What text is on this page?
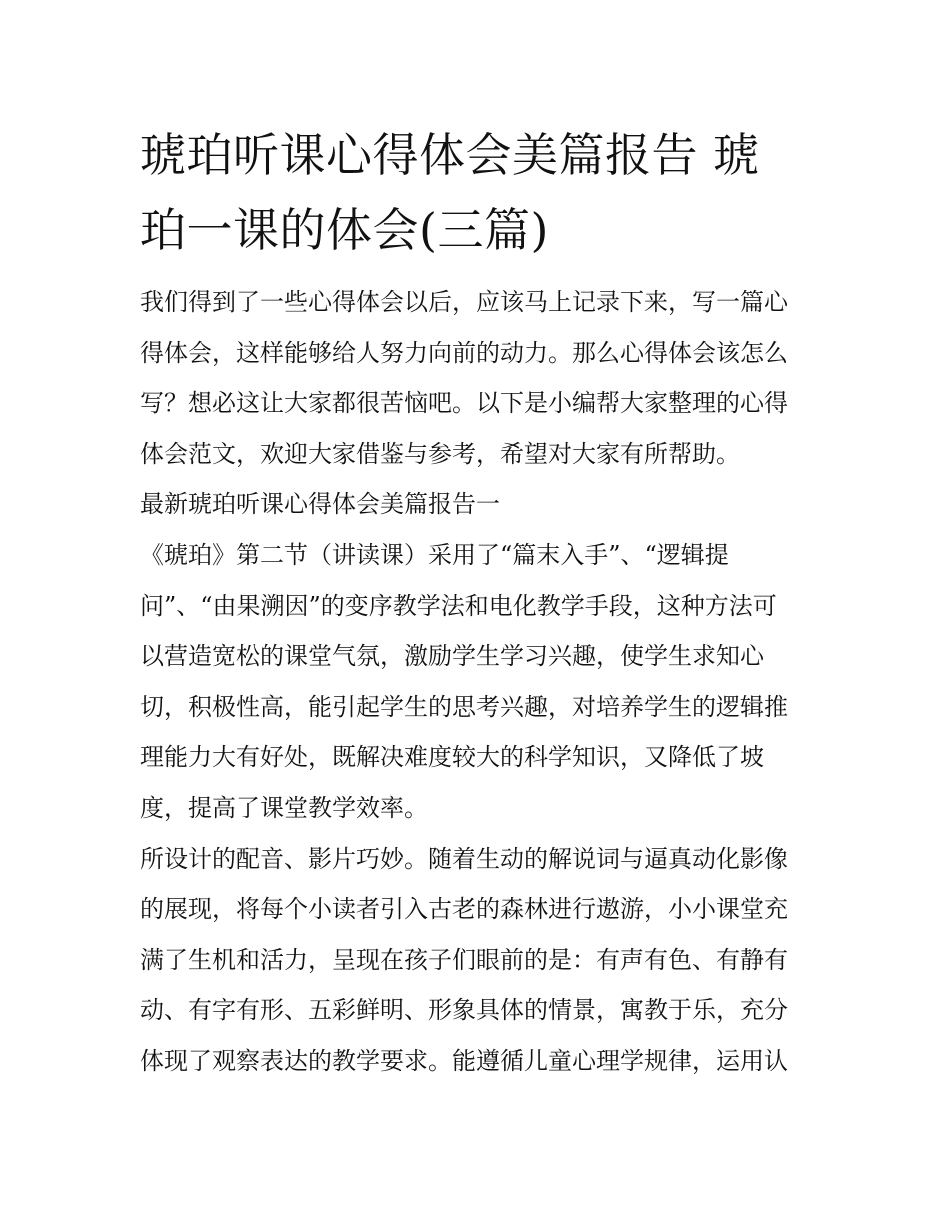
琥珀听课心得体会美篇报告 琥
珀一课的体会(三篇)
我们得到了一些心得体会以后，应该马上记录下来，写一篇心
得体会，这样能够给人努力向前的动力。那么心得体会该怎么
写？想必这让大家都很苦恼吧。以下是小编帮大家整理的心得
体会范文，欢迎大家借鉴与参考，希望对大家有所帮助。
最新琥珀听课心得体会美篇报告一
《琥珀》第二节（讲读课）采用了“篇末入手”、“逻辑提
问”、“由果溯因”的变序教学法和电化教学手段，这种方法可
以营造宽松的课堂气氛，激励学生学习兴趣，使学生求知心
切，积极性高，能引起学生的思考兴趣，对培养学生的逻辑推
理能力大有好处，既解决难度较大的科学知识，又降低了坡
度，提高了课堂教学效率。
所设计的配音、影片巧妙。随着生动的解说词与逼真动化影像
的展现，将每个小读者引入古老的森林进行遨游，小小课堂充
满了生机和活力，呈现在孩子们眼前的是：有声有色、有静有
动、有字有形、五彩鲜明、形象具体的情景，寓教于乐，充分
体现了观察表达的教学要求。能遵循儿童心理学规律，运用认
